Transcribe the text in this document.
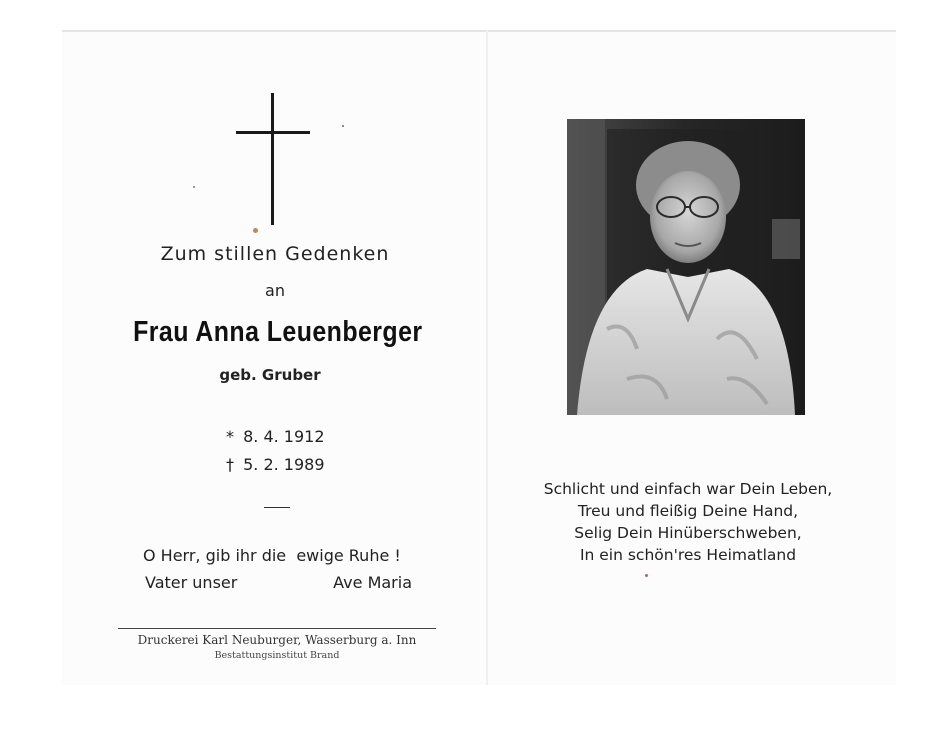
Zum stillen Gedenken
an
Frau Anna Leuenberger
geb. Gruber
* 8. 4. 1912
† 5. 2. 1989
O Herr, gib ihr die  ewige Ruhe !
Vater unser	Ave Maria
Druckerei Karl Neuburger, Wasserburg a. Inn
Bestattungsinstitut Brand
Schlicht und einfach war Dein Leben,
Treu und fleißig Deine Hand,
Selig Dein Hinüberschweben,
In ein schön'res Heimatland
